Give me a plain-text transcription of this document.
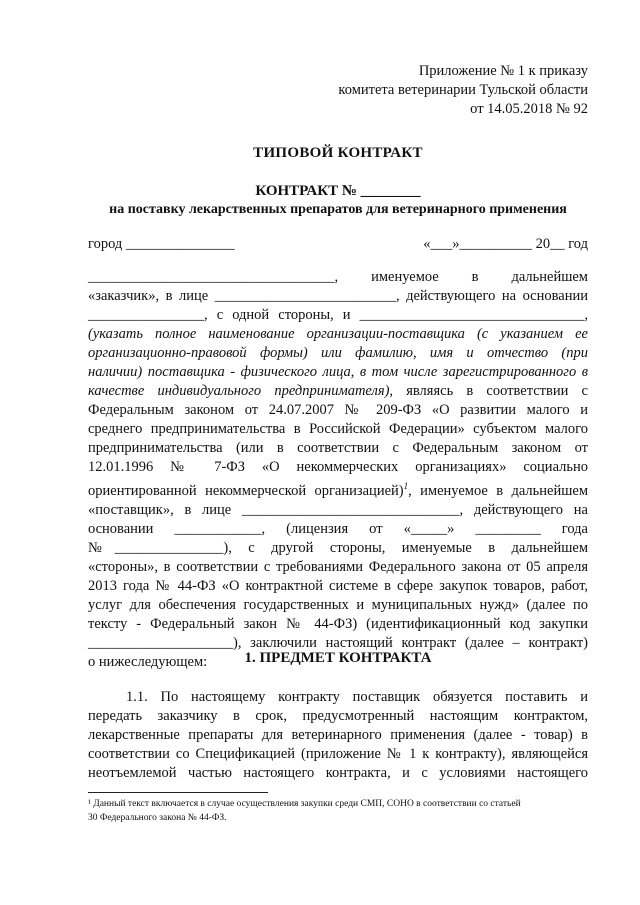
Приложение № 1 к приказу
комитета ветеринарии Тульской области
от 14.05.2018 № 92
ТИПОВОЙ КОНТРАКТ
КОНТРАКТ № ________
на поставку лекарственных препаратов для ветеринарного применения
город _______________	«___»__________ 20__ год

__________________________________, именуемое в дальнейшем

«заказчик», в лице _________________________, действующего на основании

________________, с одной стороны, и _______________________________,

(указать полное наименование организации-поставщика (с указанием ее

организационно-правовой формы) или фамилию, имя и отчество (при

наличии) поставщика - физического лица, в том числе зарегистрированного в

качестве индивидуального предпринимателя), являясь в соответствии с

Федеральным законом от 24.07.2007 № 209-ФЗ «О развитии малого и

среднего предпринимательства в Российской Федерации» субъектом малого

предпринимательства (или в соответствии с Федеральным законом от

12.01.1996 № 7-ФЗ «О некоммерческих организациях» социально

ориентированной некоммерческой организацией)$^1$, именуемое в дальнейшем

«поставщик», в лице ______________________________, действующего на

основании ____________, (лицензия от «_____» _________ года

№_______________), с другой стороны, именуемые в дальнейшем

«стороны», в соответствии с требованиями Федерального закона от 05 апреля

2013 года № 44-ФЗ «О контрактной системе в сфере закупок товаров, работ,

услуг для обеспечения государственных и муниципальных нужд» (далее по

тексту - Федеральный закон № 44-ФЗ) (идентификационный код закупки

____________________), заключили настоящий контракт (далее – контракт)

о нижеследующем:	1. ПРЕДМЕТ КОНТРАКТА

1.1. По настоящему контракту поставщик обязуется поставить и

передать заказчику в срок, предусмотренный настоящим контрактом,

лекарственные препараты для ветеринарного применения (далее - товар) в

соответствии со Спецификацией (приложение № 1 к контракту), являющейся

неотъемлемой частью настоящего контракта, и с условиями настоящего

¹ Данный текст включается в случае осуществления закупки среди СМП, СОНО в соответствии со статьей

30 Федерального закона № 44-ФЗ.
